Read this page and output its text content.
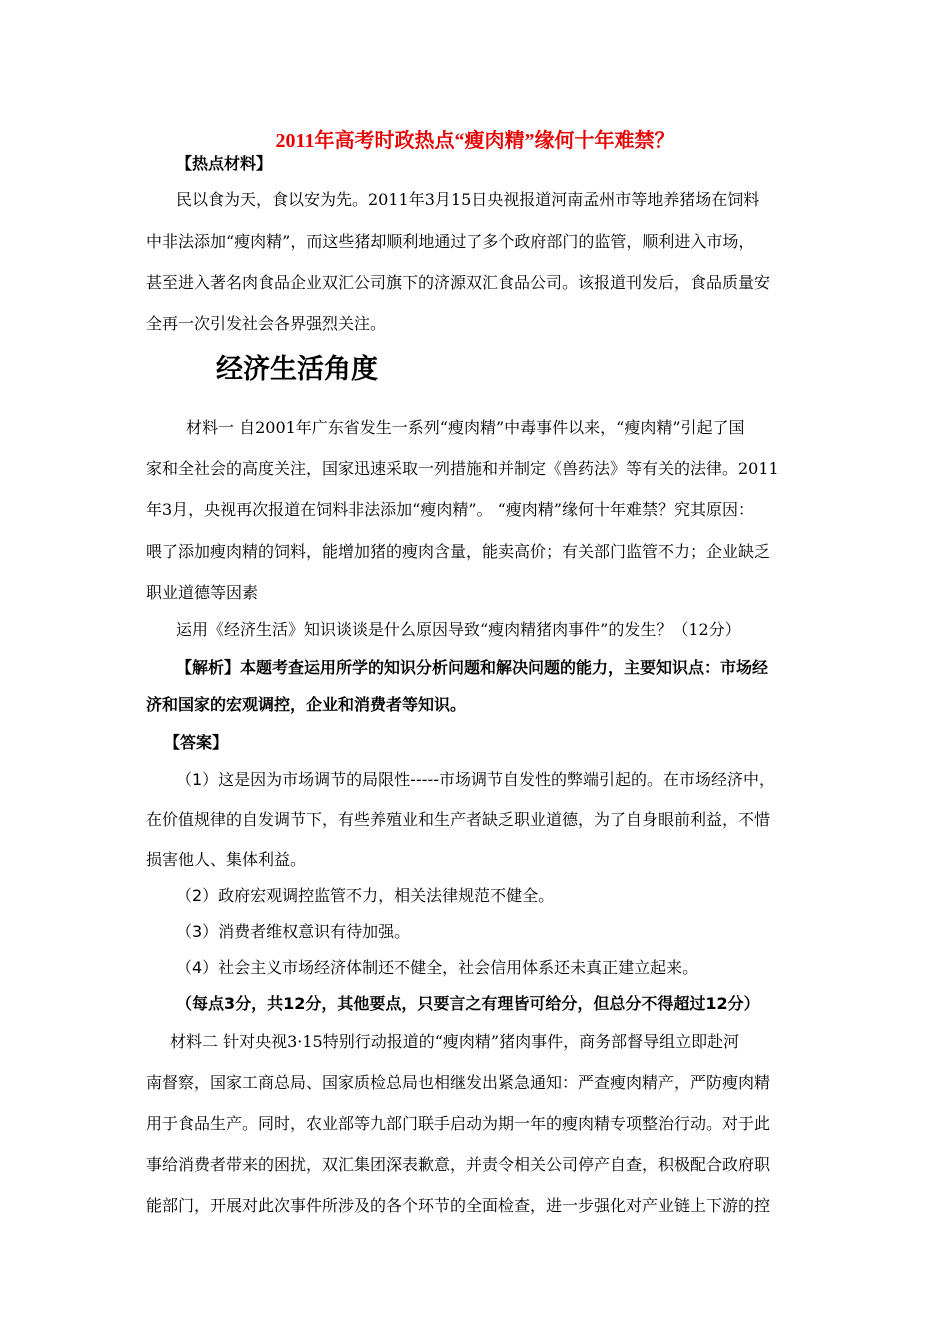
2011年高考时政热点“瘦肉精”缘何十年难禁？
【热点材料】
民以食为天，食以安为先。2011年3月15日央视报道河南孟州市等地养猪场在饲料
中非法添加“瘦肉精”，而这些猪却顺利地通过了多个政府部门的监管，顺利进入市场，
甚至进入著名肉食品企业双汇公司旗下的济源双汇食品公司。该报道刊发后，食品质量安
全再一次引发社会各界强烈关注。
经济生活角度
材料一 自2001年广东省发生一系列“瘦肉精”中毒事件以来，“瘦肉精”引起了国
家和全社会的高度关注，国家迅速采取一列措施和并制定《兽药法》等有关的法律。2011
年3月，央视再次报道在饲料非法添加“瘦肉精”。 “瘦肉精”缘何十年难禁？究其原因：
喂了添加瘦肉精的饲料，能增加猪的瘦肉含量，能卖高价；有关部门监管不力；企业缺乏
职业道德等因素
运用《经济生活》知识谈谈是什么原因导致“瘦肉精猪肉事件”的发生？（12分）
【解析】本题考查运用所学的知识分析问题和解决问题的能力，主要知识点：市场经
济和国家的宏观调控，企业和消费者等知识。
【答案】
（1）这是因为市场调节的局限性-----市场调节自发性的弊端引起的。在市场经济中，
在价值规律的自发调节下，有些养殖业和生产者缺乏职业道德，为了自身眼前利益，不惜
损害他人、集体利益。
（2）政府宏观调控监管不力，相关法律规范不健全。
（3）消费者维权意识有待加强。
（4）社会主义市场经济体制还不健全，社会信用体系还未真正建立起来。
（每点3分，共12分，其他要点，只要言之有理皆可给分，但总分不得超过12分）
材料二 针对央视3·15特别行动报道的“瘦肉精”猪肉事件，商务部督导组立即赴河
南督察，国家工商总局、国家质检总局也相继发出紧急通知：严查瘦肉精产，严防瘦肉精
用于食品生产。同时，农业部等九部门联手启动为期一年的瘦肉精专项整治行动。对于此
事给消费者带来的困扰，双汇集团深表歉意，并责令相关公司停产自查，积极配合政府职
能部门，开展对此次事件所涉及的各个环节的全面检查，进一步强化对产业链上下游的控
